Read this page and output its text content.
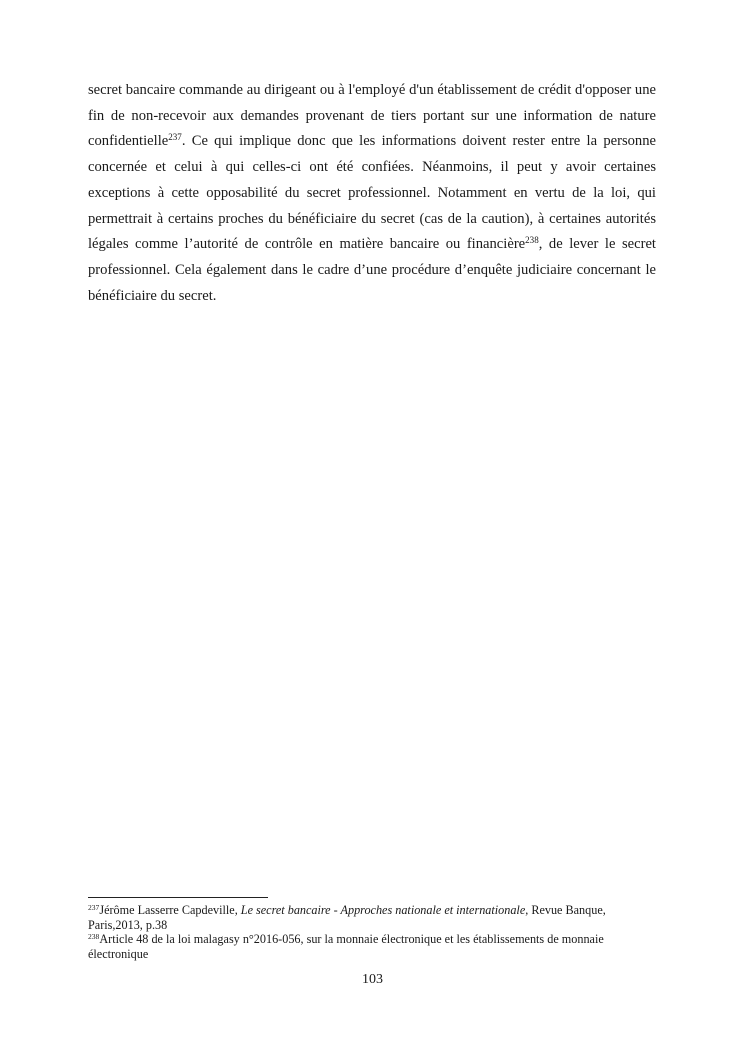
secret bancaire commande au dirigeant ou à l'employé d'un établissement de crédit d'opposer une fin de non-recevoir aux demandes provenant de tiers portant sur une information de nature confidentielle$^{237}$. Ce qui implique donc que les informations doivent rester entre la personne concernée et celui à qui celles-ci ont été confiées. Néanmoins, il peut y avoir certaines exceptions à cette opposabilité du secret professionnel. Notamment en vertu de la loi, qui permettrait à certains proches du bénéficiaire du secret (cas de la caution), à certaines autorités légales comme l’autorité de contrôle en matière bancaire ou financière$^{238}$, de lever le secret professionnel. Cela également dans le cadre d’une procédure d’enquête judiciaire concernant le bénéficiaire du secret.

$^{237}$Jérôme Lasserre Capdeville, Le secret bancaire - Approches nationale et internationale, Revue Banque, Paris,2013, p.38

$^{238}$Article 48 de la loi malagasy n°2016-056, sur la monnaie électronique et les établissements de monnaie électronique

103
